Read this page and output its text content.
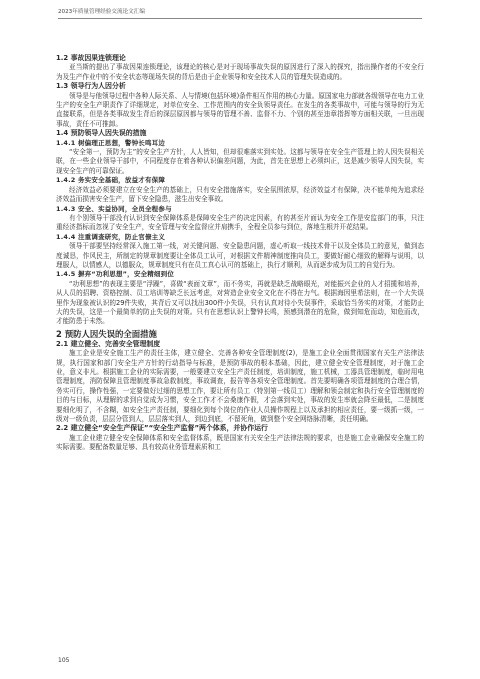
2023年质量管理经验交流论文汇编

1.2 事故因果连锁理论

亚当斯的提出了事故因果连锁理论，该理论的核心是对于现场事故失误的原因进行了深入的探究，指出操作者的不安全行为及生产作业中的不安全状态等现场失误的背后是由于企业领导和安全技术人员的管理失误造成的。

1.3 领导行为人因分析

领导是与他领导过程中各种人际关系、人与情境(包括环境)条件相互作用的核心力量。原国家电力部就各级领导在电力工业生产的安全生产职责作了详细规定，对单位安全、工作范围内的安全负领导责任。在发生的各类事故中，可能与领导的行为无直接联系，但是各类事故发生背后的深层原因都与领导的管理不善、监督不力、个别的甚至违章指挥等方面相关联，一旦出现事故，责任不可推卸。

1.4 预防领导人因失误的措施

1.4.1 树偏理正思想，警钟长鸣耳边

“安全第一，预防为主”的安全生产方针，人人皆知，但却很难落实到实处。这都与领导在安全生产管理上的人因失误相关联，在一些企业领导干部中，不同程度存在着各种认识偏差问题，为此，首先在思想上必须纠正，这是减少领导人因失误，实现安全生产的可靠保证。

1.4.2 务实安全基础，放益才有保障

经济效益必须要建立在安全生产的基础上，只有安全措施落实，安全氛围浓厚，经济效益才有保障，决不能单纯为追求经济效益而损害安全生产，留下安全隐患，滋生出安全事故。

1.4.3 安全、实益协同，全员全程参与

有个别领导干部没有认识到安全保障体系是保障安全生产的决定因素，有的甚至片面认为安全工作是安监部门的事，只注重经济指标而忽视了安全生产，安全管理与安全监督应并肩携手，全程全员参与到位，落地生根并开花结果。

1.4.4 注重调查研究，防止官僚主义

领导干部要坚持经常深入施工第一线，对关键问题、安全隐患问题，虚心听取一线技术骨干以及全体员工的意见，做到态度诚恳，作风民主，所制定的规章制度要让全体员工认可，对根据文件精神制度推向员工，要做好耐心细致的解释与说明，以理服人，以情感人，以德服众，规章制度只有在员工真心认可的基础上，执行才顺利，从而逐步成为员工的自觉行为。

1.4.5 摒弃“功利思想”，安全精细到位

“功利思想”的表现主要是“浮躁”，喜做“表面文章”，而不务实，再就是缺乏战略眼光，对能振兴企业的人才招揽和培养，从人员的招聘、资格控制、员工培训等缺乏长远考虑，对营造企业安全文化在不得在力气。根据海因里希法则，在一个大失误里作为现象被认识的29件失败，其背后又可以找出300件小失误，只有认真对待小失误事件，采取恰当务实的对策，才能防止大的失误，这是一个最简单的防止失误的对策。只有在思想认识上警钟长鸣，预感到潜在的危险，做到知危而动，知危而改，才能防患于未然。

2 预防人因失误的全面措施

2.1 建立健全、完善安全管理制度

施工企业是安全施工生产的责任主体，建立健全、完善各种安全管理制度(2)，是施工企业全面贯彻国家有关生产法律法规，执行国家和部门安全生产方针的行动指导与标准，是预防事故的根本基础，因此，建立健全安全管理制度，对于施工企业，意义非凡。根据施工企业的实际需要，一般要建立安全生产责任制度，培训制度，施工机械，工器具管理制度，临时用电管理制度，消防保障且管理制度事故急救制度，事故调查，报告等各项安全管理制度。首先要明确各项管理制度的合理合情，务实可行，操作性强，一定要做好过细的思想工作，要让所有员工（特别第一线员工）理解和领会制定和执行安全管理制度的目的与目标，从理解的求到自觉成为习惯，安全工作才不会桑康作假，才会落到实处，事故的发生率就会降至最低，二是制度要细化明了，不含糊，如安全生产责任制，要细化到每个岗位的作业人员操作规程上以及承担的相应责任，要一级抓一级，一级对一级负责，层层分管到人，层层落实到人，到边到底，不留死角，做到整个安全网络脉清晰，责任明确。

2.2 建立健全“安全生产保证”“安全生产监督”两个体系，并协作运行

施工企业建立健全安全保障体系和安全监督体系，既是国家有关安全生产法律法规的要求，也是施工企业确保安全施工的实际需要。要配备数量足够、具有较高业务管理素质和工

105
